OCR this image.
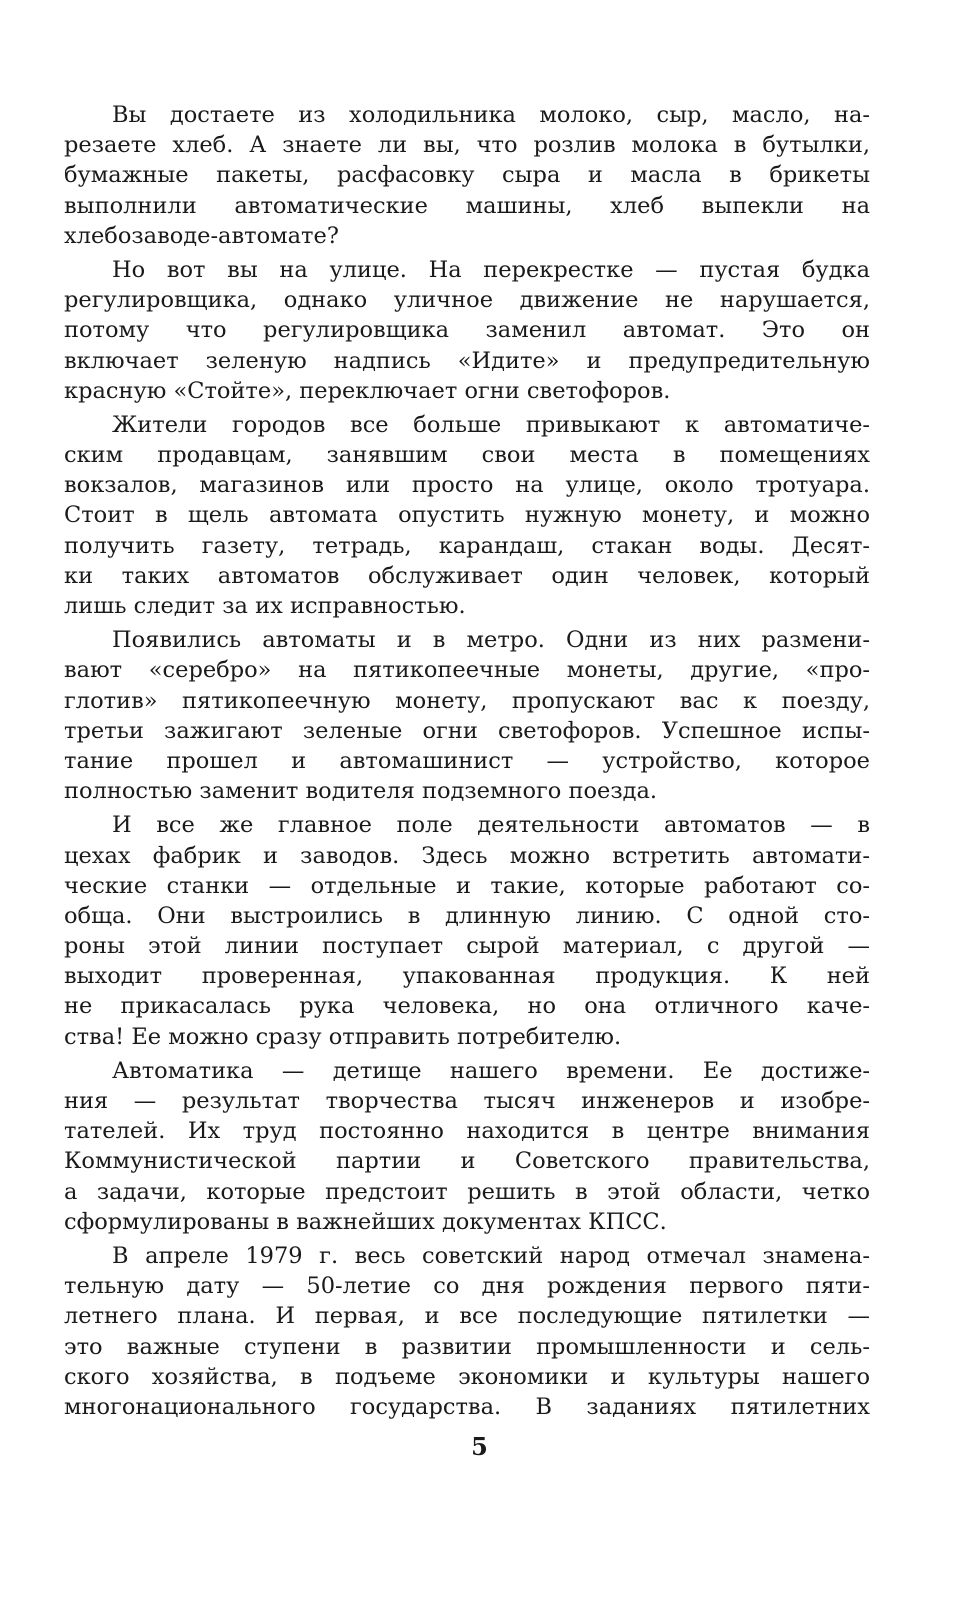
Вы достаете из холодильника молоко, сыр, масло, на-
резаете хлеб. А знаете ли вы, что розлив молока в бутылки,
бумажные пакеты, расфасовку сыра и масла в брикеты
выполнили автоматические машины, хлеб выпекли на
хлебозаводе-автомате?
Но вот вы на улице. На перекрестке — пустая будка
регулировщика, однако уличное движение не нарушается,
потому что регулировщика заменил автомат. Это он
включает зеленую надпись «Идите» и предупредительную
красную «Стойте», переключает огни светофоров.
Жители городов все больше привыкают к автоматиче-
ским продавцам, занявшим свои места в помещениях
вокзалов, магазинов или просто на улице, около тротуара.
Стоит в щель автомата опустить нужную монету, и можно
получить газету, тетрадь, карандаш, стакан воды. Десят-
ки таких автоматов обслуживает один человек, который
лишь следит за их исправностью.
Появились автоматы и в метро. Одни из них размени-
вают «серебро» на пятикопеечные монеты, другие, «про-
глотив» пятикопеечную монету, пропускают вас к поезду,
третьи зажигают зеленые огни светофоров. Успешное испы-
тание прошел и автомашинист — устройство, которое
полностью заменит водителя подземного поезда.
И все же главное поле деятельности автоматов — в
цехах фабрик и заводов. Здесь можно встретить автомати-
ческие станки — отдельные и такие, которые работают со-
обща. Они выстроились в длинную линию. С одной сто-
роны этой линии поступает сырой материал, с другой —
выходит проверенная, упакованная продукция. К ней
не прикасалась рука человека, но она отличного каче-
ства! Ее можно сразу отправить потребителю.
Автоматика — детище нашего времени. Ее достиже-
ния — результат творчества тысяч инженеров и изобре-
тателей. Их труд постоянно находится в центре внимания
Коммунистической партии и Советского правительства,
а задачи, которые предстоит решить в этой области, четко
сформулированы в важнейших документах КПСС.
В апреле 1979 г. весь советский народ отмечал знамена-
тельную дату — 50-летие со дня рождения первого пяти-
летнего плана. И первая, и все последующие пятилетки —
это важные ступени в развитии промышленности и сель-
ского хозяйства, в подъеме экономики и культуры нашего
многонационального государства. В заданиях пятилетних
5
